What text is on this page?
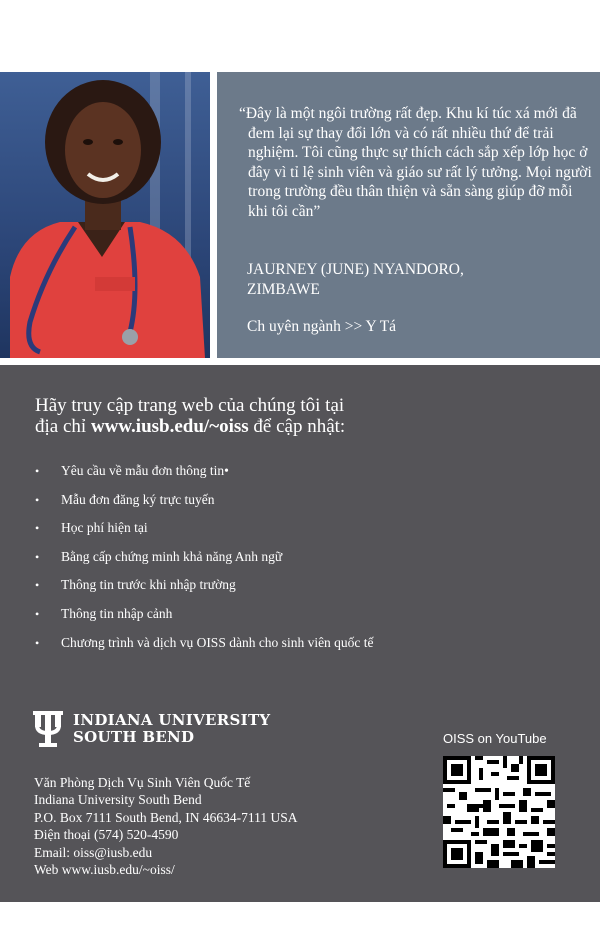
“Đây là một ngôi trường rất đẹp. Khu kí túc xá mới đã đem lại sự thay đổi lớn và có rất nhiều thứ để trải nghiệm. Tôi cũng thực sự thích cách sắp xếp lớp học ở đây vì tỉ lệ sinh viên và giáo sư rất lý tưởng. Mọi người trong trường đều thân thiện và sẵn sàng giúp đỡ mỗi khi tôi cần”

JAURNEY (JUNE) NYANDORO,
ZIMBAWE

Ch uyên ngành >> Y Tá

Hãy truy cập trang web của chúng tôi tại
địa chỉ www.iusb.edu/~oiss để cập nhật:

• Yêu cầu về mẫu đơn thông tin•
• Mẫu đơn đăng ký trực tuyến
• Học phí hiện tại
• Bằng cấp chứng minh khả năng Anh ngữ
• Thông tin trước khi nhập trường
• Thông tin nhập cảnh
• Chương trình và dịch vụ OISS dành cho sinh viên quốc tế
INDIANA UNIVERSITY
SOUTH BEND

Văn Phòng Dịch Vụ Sinh Viên Quốc Tế
Indiana University South Bend
P.O. Box 7111 South Bend, IN 46634-7111 USA
Điện thoại (574) 520-4590
Email: oiss@iusb.edu
Web www.iusb.edu/~oiss/

OISS on YouTube
